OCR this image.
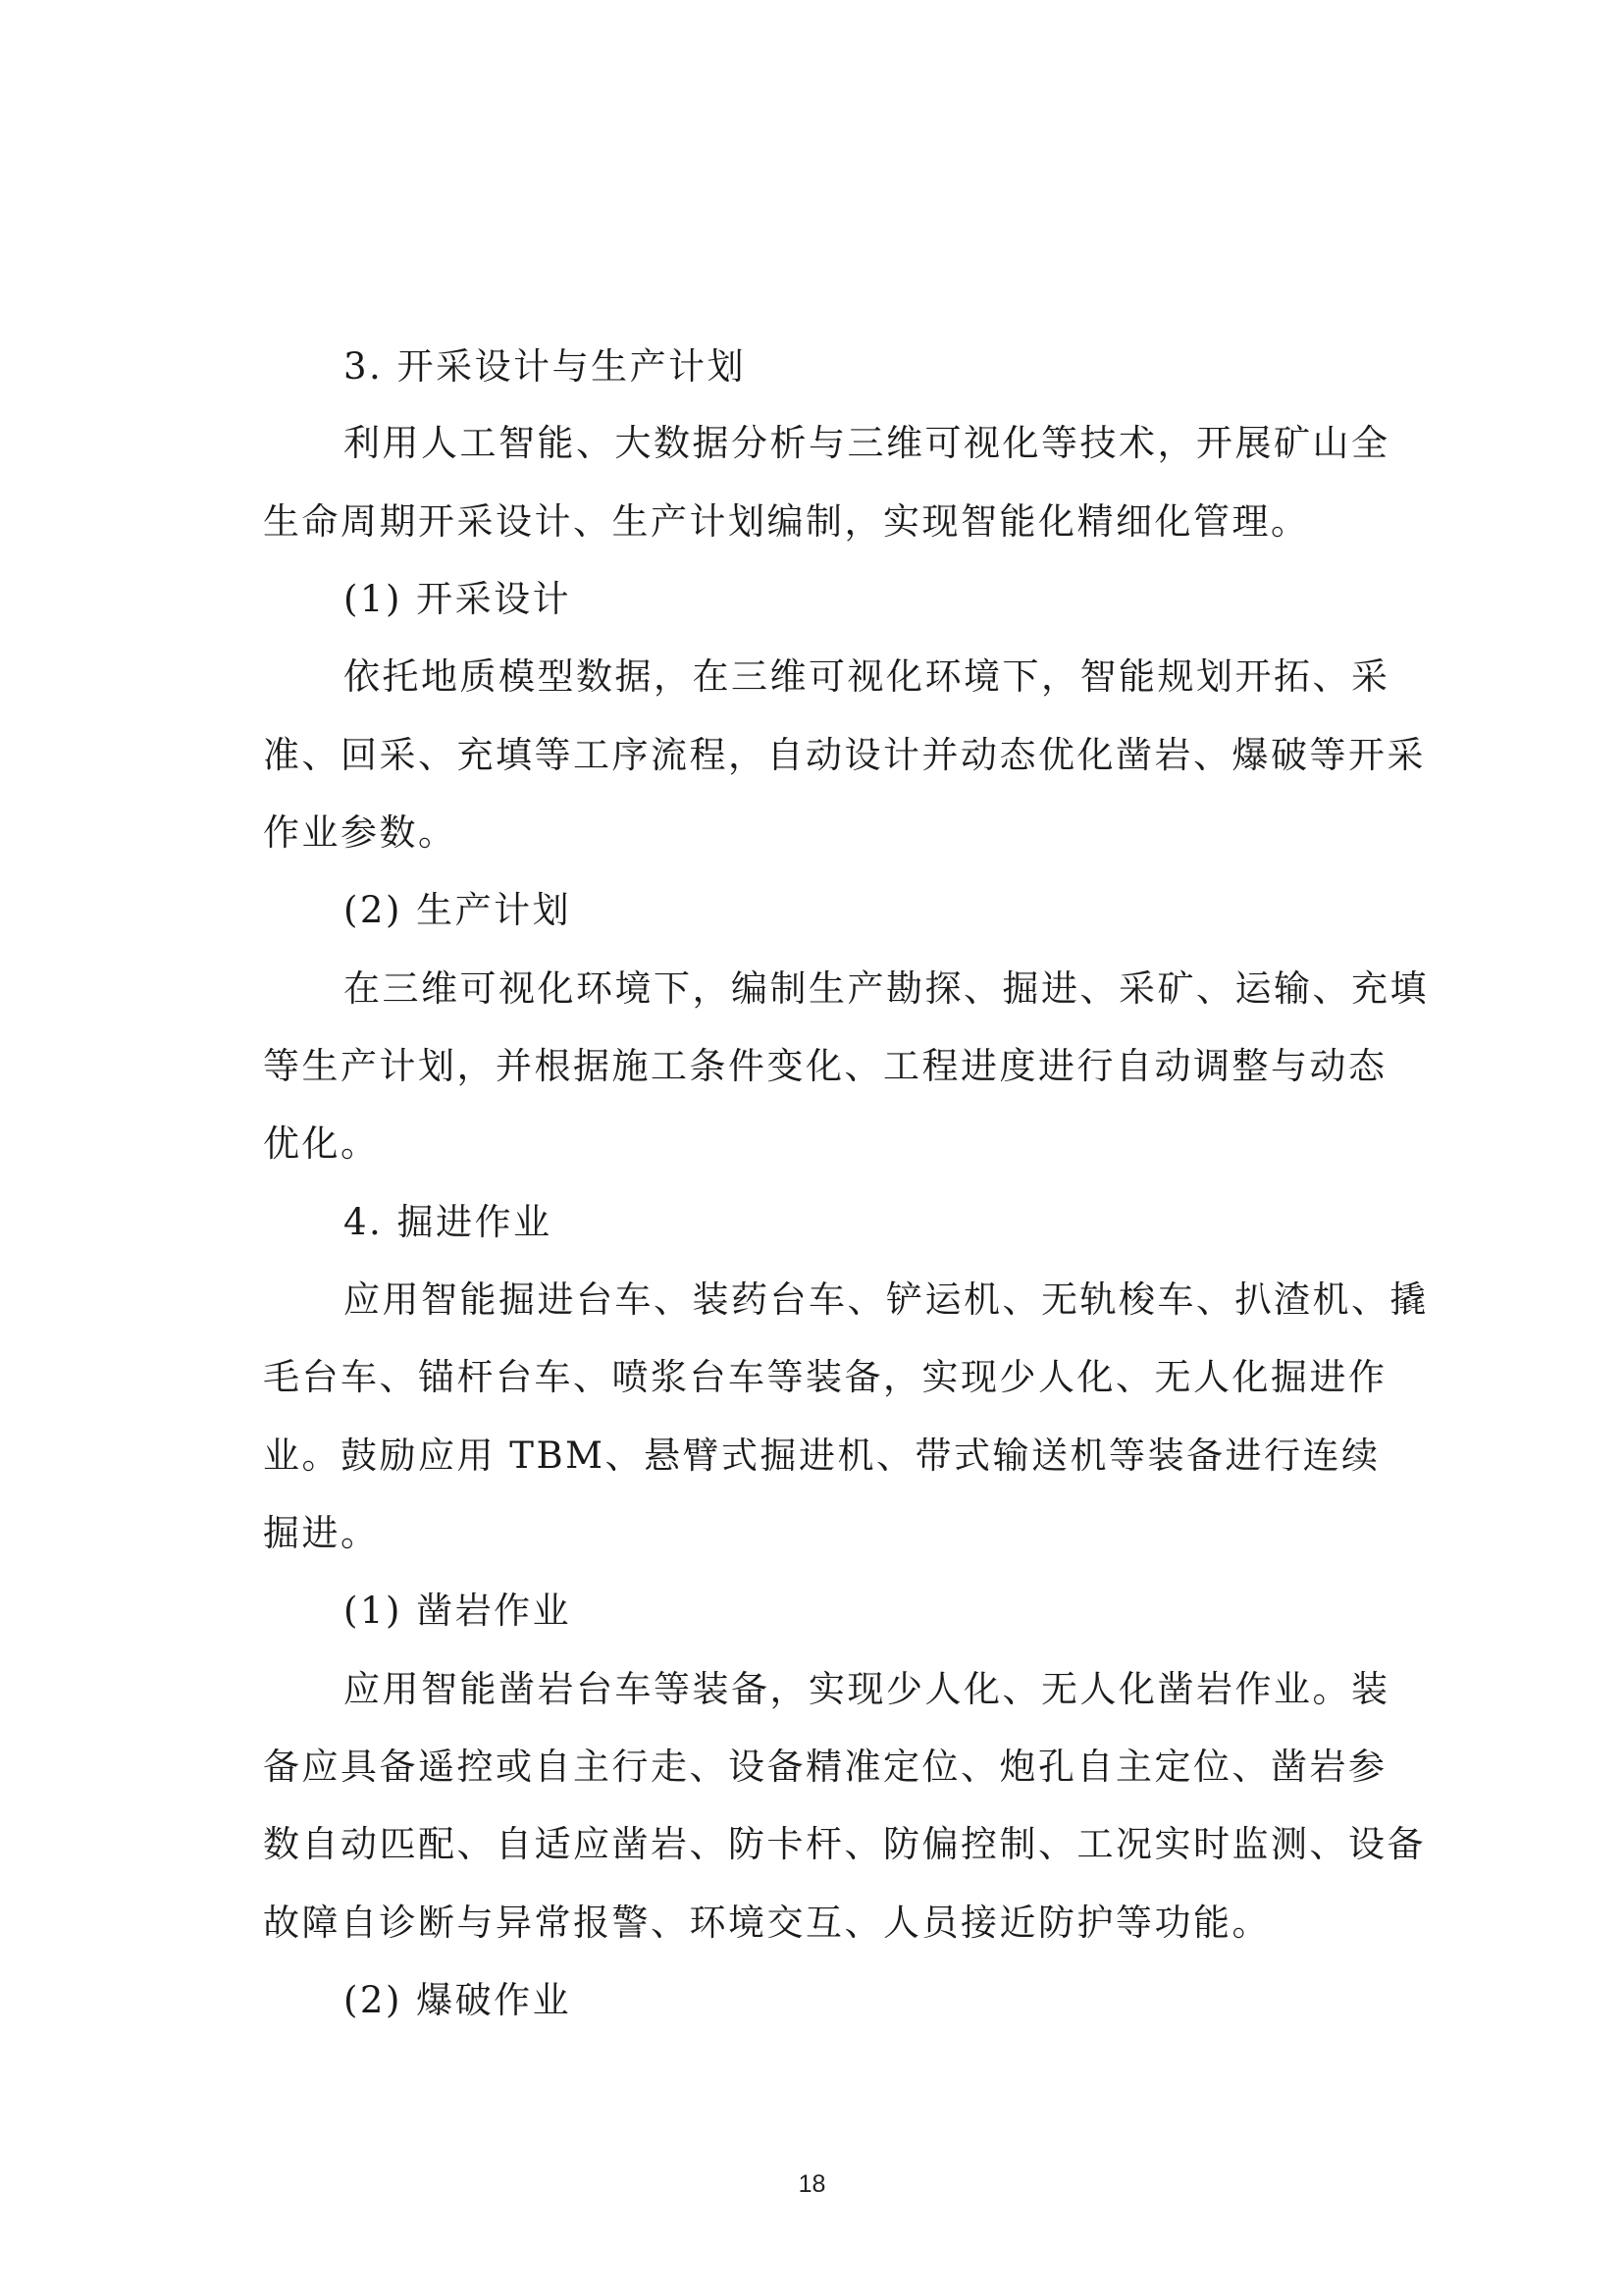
3. 开采设计与生产计划
利用人工智能、大数据分析与三维可视化等技术，开展矿山全
生命周期开采设计、生产计划编制，实现智能化精细化管理。
(1) 开采设计
依托地质模型数据，在三维可视化环境下，智能规划开拓、采
准、回采、充填等工序流程，自动设计并动态优化凿岩、爆破等开采
作业参数。
(2) 生产计划
在三维可视化环境下，编制生产勘探、掘进、采矿、运输、充填
等生产计划，并根据施工条件变化、工程进度进行自动调整与动态
优化。
4. 掘进作业
应用智能掘进台车、装药台车、铲运机、无轨梭车、扒渣机、撬
毛台车、锚杆台车、喷浆台车等装备，实现少人化、无人化掘进作
业。鼓励应用 TBM、悬臂式掘进机、带式输送机等装备进行连续
掘进。
(1) 凿岩作业
应用智能凿岩台车等装备，实现少人化、无人化凿岩作业。装
备应具备遥控或自主行走、设备精准定位、炮孔自主定位、凿岩参
数自动匹配、自适应凿岩、防卡杆、防偏控制、工况实时监测、设备
故障自诊断与异常报警、环境交互、人员接近防护等功能。
(2) 爆破作业
18
